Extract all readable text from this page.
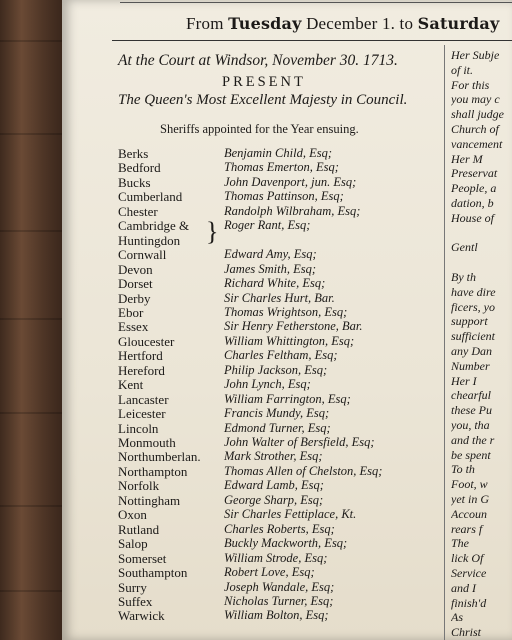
From Tuesday December 1. to Saturday
At the Court at Windsor, November 30. 1713.
PRESENT
The Queen's Most Excellent Majesty in Council.
Sheriffs appointed for the Year ensuing.
Berks	Benjamin Child, Esq;
Bedford	Thomas Emerton, Esq;
Bucks	John Davenport, jun. Esq;
Cumberland	Thomas Pattinson, Esq;
Chester	Randolph Wilbraham, Esq;
Cambridge &	Roger Rant, Esq;
Huntingdon
Cornwall	Edward Amy, Esq;
Devon	James Smith, Esq;
Dorset	Richard White, Esq;
Derby	Sir Charles Hurt, Bar.
Ebor	Thomas Wrightson, Esq;
Essex	Sir Henry Fetherstone, Bar.
Gloucester	William Whittington, Esq;
Hertford	Charles Feltham, Esq;
Hereford	Philip Jackson, Esq;
Kent	John Lynch, Esq;
Lancaster	William Farrington, Esq;
Leicester	Francis Mundy, Esq;
Lincoln	Edmond Turner, Esq;
Monmouth	John Walter of Bersfield, Esq;
Northumberlan. Mark Strother, Esq;
Northampton	Thomas Allen of Chelston, Esq;
Norfolk	Edward Lamb, Esq;
Nottingham	George Sharp, Esq;
Oxon	Sir Charles Fettiplace, Kt.
Rutland	Charles Roberts, Esq;
Salop	Buckly Mackworth, Esq;
Somerset	William Strode, Esq;
Southampton	Robert Love, Esq;
Surry	Joseph Wandale, Esq;
Suffex	Nicholas Turner, Esq;
Warwick	William Bolton, Esq;
}
Her Subje
of it.
For this
you may c
shall judge
Church of
vancement
Her M
Preservat
People, a
dation, b
House of
Gentl
By th
have dire
ficers, yo
support
sufficient
any Dan
Number
Her I
chearful
these Pu
you, tha
and the r
be spent
To th
Foot, w
yet in G
Accoun
rears f
The
lick Of
Service
and I
finish'd
As
Christ
